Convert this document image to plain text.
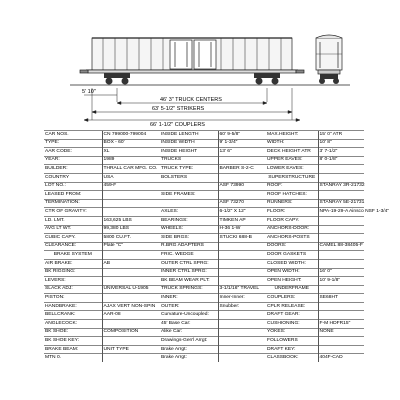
5' 10"
46' 3" TRUCK CENTERS
63' 5-1/2" STRIKERS
66' 1-1/2" COUPLERS
CAR NOS.	CN 799000-799004	INSIDE LENGTH	60' 9-5/8"	MAX.HEIGHT:	15' 0" ATR
TYPE:	BOX - 60'	INSIDE WIDTH	9' 1-3/4"	WIDTH:	10' 8"
AAR CODE:	XL	INSIDE HEIGHT	13' 6"	DECK HEIGHT ATR	3' 7-1/2"
YEAR:	1989	TRUCKS		UPPER EAVES:	8' 0-1/8"
BUILDER:	THRALL CAR MFG. CO.	TRUCK TYPE:	BARBER S-2-C	LOWER EAVES:	
COUNTRY	USA	BOLSTERS		SUPERSTRUCTURE	
LOT NO.:	459-F		ASF 73990	ROOF:	STANRAY 3R-21732
LEASED FROM:		SIDE FRAMES:		ROOF HATCHES:	
TERMINATION:			ASF 73270	RUNNERS:	STANRAY 5E-21731
CTR OF GRAVITY:		AXLES:	6-1/2" X 12"	FLOOR:	NPA-19-29-A Ainsco NSF 1-3/4"
LD. LMT.	163,625 LBS	BEARINGS:	TIMKEN AP	FLOOR CAPY.	
AVG LT WT.	99,380 LBS	WHEELS:	H-36 1-W	ANCHORS-DOOR:	
CUBIC CAPY.	5800 CU.FT.	SIDE BRGS:	STUCKI 688-B	ANCHORS-POSTS	
CLEARANCE:	Plate "C"	R.BRG ADAPTERS		DOORS:	CAMEL 88-38405-F
BRAKE SYSTEM		FRIC. WEDGE		DOOR GASKETS	
AIR BRAKE:	AB	OUTER CTRL SPRG:		CLOSED WIDTH:	
BK RIGGING:		INNER CTRL SPRG:		OPEN WIDTH:	16' 0"
LEVERS:		BK BEAM WEAR PLT:		OPEN HEIGHT:	10' 9-1/8"
SLACK ADJ:	UNIVERSAL U-1905	TRUCK SPRINGS:	3-1/1/16" TRAVEL	UNDERFRAME	
PISTON:		INNER:	Inner-Inner:	COUPLERS:	SE68HT
HANDBRAKE:	AJAX VERT NON-SPIN	OUTER:	Snubber:	CPLR RELEASE:	
BELLCRANK:	AAR-08	Curvature-Uncoupled:		DRAFT GEAR:	
ANGLECOCK:		45' Base Car:		CUSHIONING:	F-M HDFR15"
BK SHOE:	COMPOSITION	Alike Car:		YOKES:	NONE
BK SHOE KEY:		Drawings-Gen'l Arrgt:		FOLLOWERS	
BRAKE BEAM:	UNIT TYPE	Brake Arrgt:		DRAFT KEY:	
MTN 0.		Brake Arrgt:		CLASSBOOK:	404F-CAD
